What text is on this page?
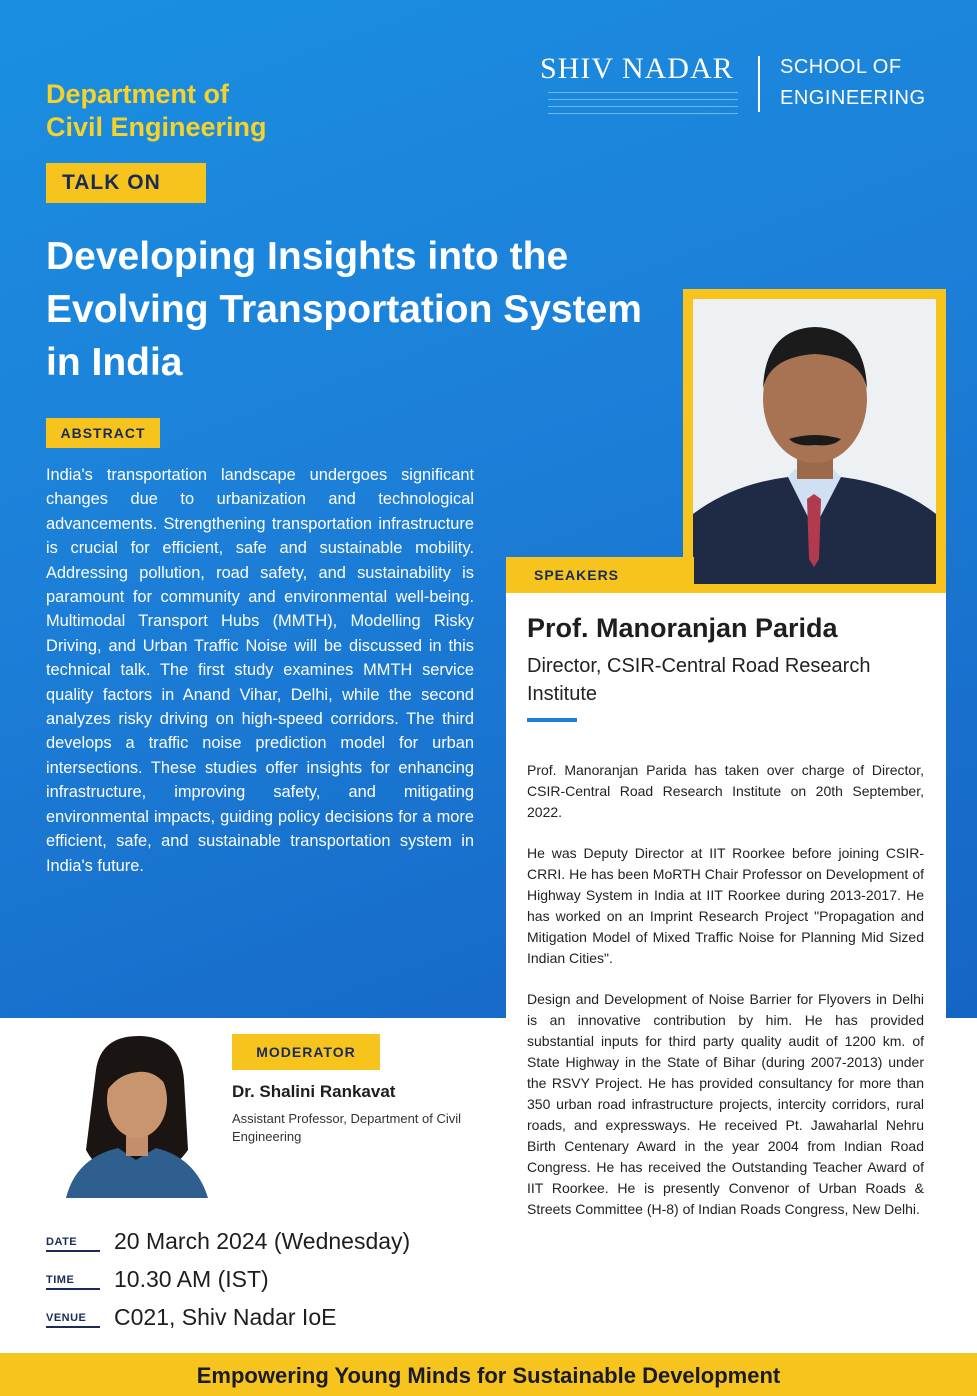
SHIV NADAR SCHOOL OF
ENGINEERING
Department of
Civil Engineering
TALK ON
Developing Insights into the Evolving Transportation System in India
ABSTRACT
India's transportation landscape undergoes significant changes due to urbanization and technological advancements. Strengthening transportation infrastructure is crucial for efficient, safe and sustainable mobility. Addressing pollution, road safety, and sustainability is paramount for community and environmental well-being. Multimodal Transport Hubs (MMTH), Modelling Risky Driving, and Urban Traffic Noise will be discussed in this technical talk. The first study examines MMTH service quality factors in Anand Vihar, Delhi, while the second analyzes risky driving on high-speed corridors. The third develops a traffic noise prediction model for urban intersections. These studies offer insights for enhancing infrastructure, improving safety, and mitigating environmental impacts, guiding policy decisions for a more efficient, safe, and sustainable transportation system in India's future.
SPEAKERS
Prof. Manoranjan Parida
Director, CSIR-Central Road Research Institute

Prof. Manoranjan Parida has taken over charge of Director, CSIR-Central Road Research Institute on 20th September, 2022.

He was Deputy Director at IIT Roorkee before joining CSIR-CRRI. He has been MoRTH Chair Professor on Development of Highway System in India at IIT Roorkee during 2013-2017. He has worked on an Imprint Research Project "Propagation and Mitigation Model of Mixed Traffic Noise for Planning Mid Sized Indian Cities".

Design and Development of Noise Barrier for Flyovers in Delhi is an innovative contribution by him. He has provided substantial inputs for third party quality audit of 1200 km. of State Highway in the State of Bihar (during 2007-2013) under the RSVY Project. He has provided consultancy for more than 350 urban road infrastructure projects, intercity corridors, rural roads, and expressways. He received Pt. Jawaharlal Nehru Birth Centenary Award in the year 2004 from Indian Road Congress. He has received the Outstanding Teacher Award of IIT Roorkee. He is presently Convenor of Urban Roads & Streets Committee (H-8) of Indian Roads Congress, New Delhi.

MODERATOR
Dr. Shalini Rankavat
Assistant Professor, Department of Civil Engineering
DATE	20 March 2024 (Wednesday)
TIME	10.30 AM (IST)
VENUE	C021, Shiv Nadar IoE
Empowering Young Minds for Sustainable Development
